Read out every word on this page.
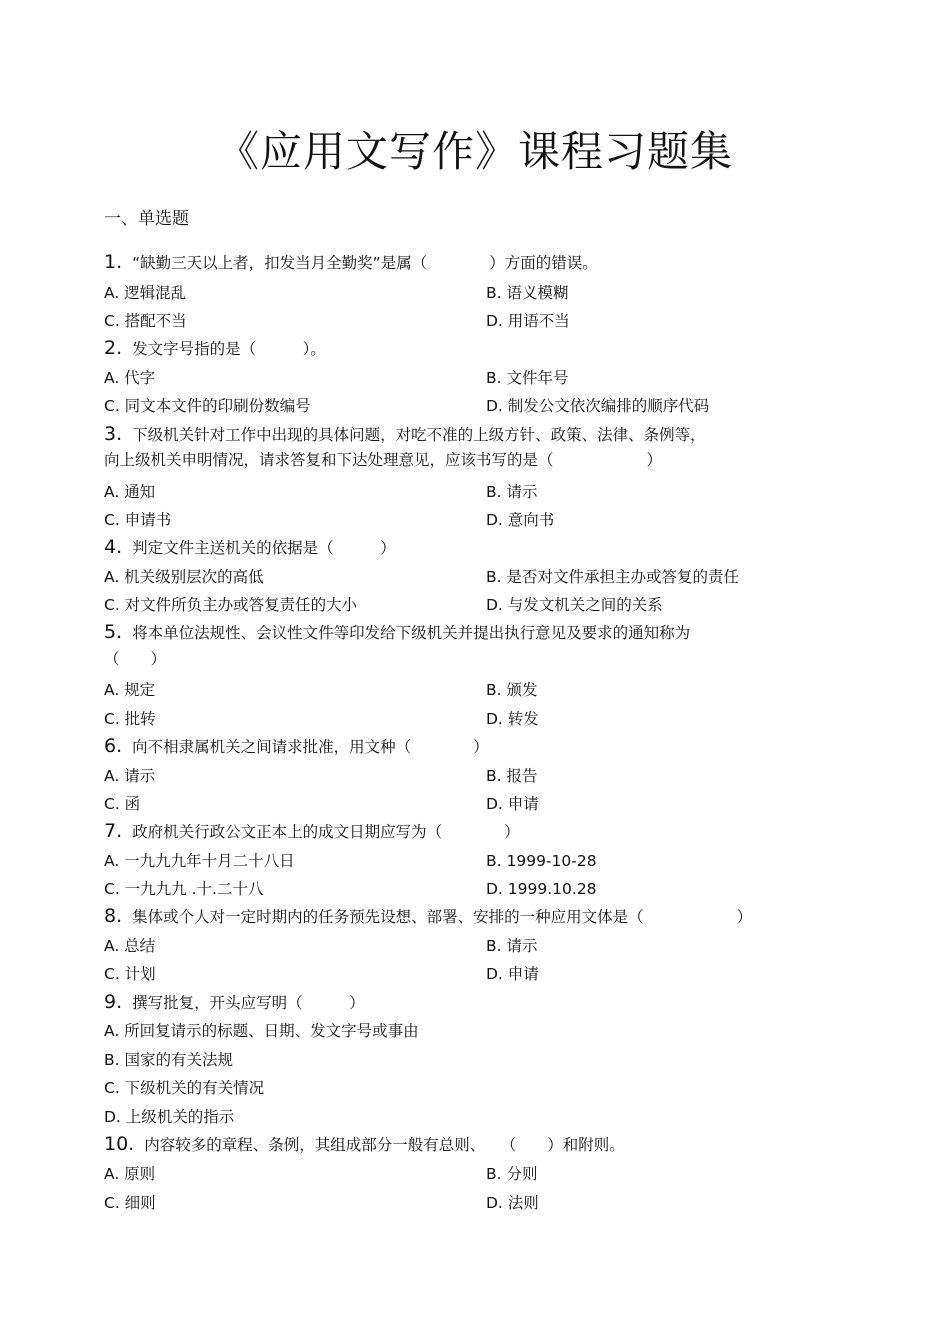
《应用文写作》课程习题集
一、单选题
1. “缺勤三天以上者，扣发当月全勤奖”是属（　　　　）方面的错误。
A. 逻辑混乱	B. 语义模糊
C. 搭配不当	D. 用语不当
2. 发文字号指的是（　　　）。
A. 代字	B. 文件年号
C. 同文本文件的印刷份数编号	D. 制发公文依次编排的顺序代码
3. 下级机关针对工作中出现的具体问题，对吃不准的上级方针、政策、法律、条例等，
向上级机关申明情况，请求答复和下达处理意见，应该书写的是（　　　　　　）
A. 通知	B. 请示
C. 申请书	D. 意向书
4. 判定文件主送机关的依据是（　　　）
A. 机关级别层次的高低	B. 是否对文件承担主办或答复的责任
C. 对文件所负主办或答复责任的大小	D. 与发文机关之间的关系
5. 将本单位法规性、会议性文件等印发给下级机关并提出执行意见及要求的通知称为
（　　）
A. 规定	B. 颁发
C. 批转	D. 转发
6. 向不相隶属机关之间请求批准，用文种（　　　　）
A. 请示	B. 报告
C. 函	D. 申请
7. 政府机关行政公文正本上的成文日期应写为（　　　　）
A. 一九九九年十月二十八日	B. 1999-10-28
C. 一九九九 .十.二十八	D. 1999.10.28
8. 集体或个人对一定时期内的任务预先设想、部署、安排的一种应用文体是（　　　　　　）
A. 总结	B. 请示
C. 计划	D. 申请
9. 撰写批复，开头应写明（　　　）
A. 所回复请示的标题、日期、发文字号或事由
B. 国家的有关法规
C. 下级机关的有关情况
D. 上级机关的指示
10. 内容较多的章程、条例，其组成部分一般有总则、　　（　　）和附则。
A. 原则	B. 分则
C. 细则	D. 法则
